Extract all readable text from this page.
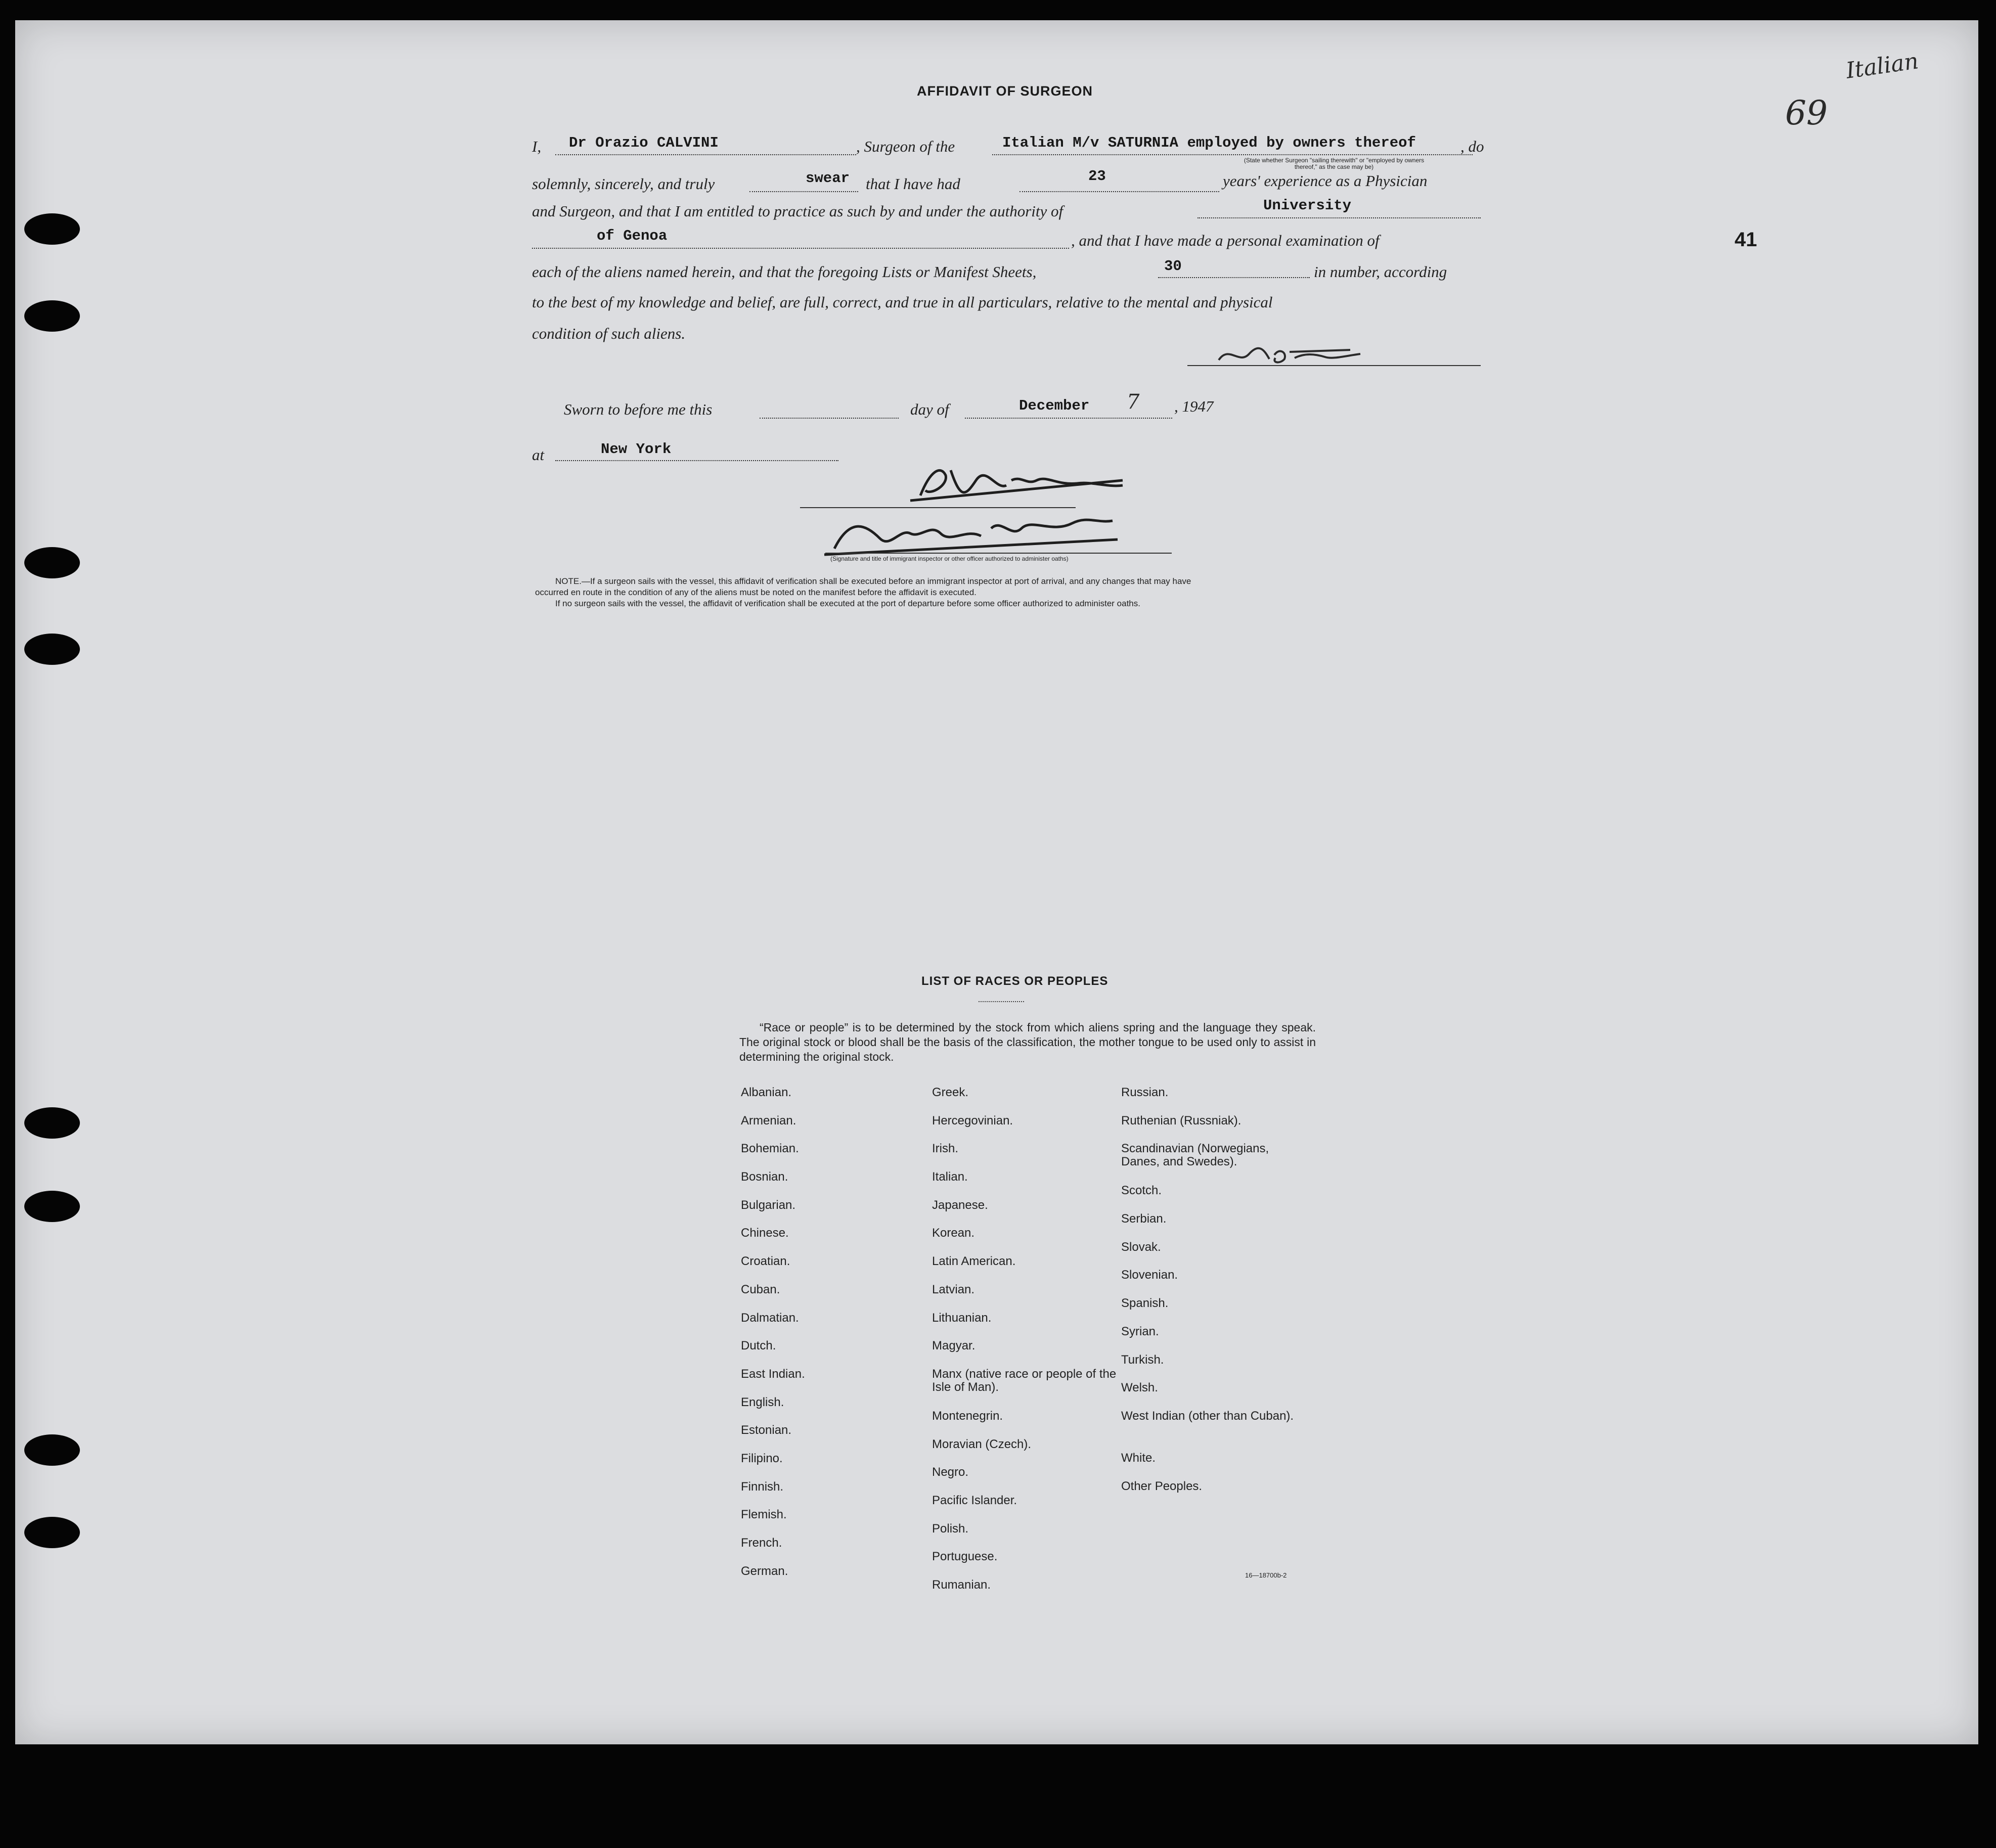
AFFIDAVIT OF SURGEON
41
69
Italian
I, Dr Orazio CALVINI	, Surgeon of the	Italian M/v SATURNIA employed by owners thereof	, do
(State whether Surgeon "sailing therewith" or "employed by owners thereof," as the case may be)
solemnly, sincerely, and truly	swear that I have had	23	years' experience as a Physician
and Surgeon, and that I am entitled to practice as such by and under the authority of	University
of Genoa	, and that I have made a personal examination of
each of the aliens named herein, and that the foregoing Lists or Manifest Sheets,	30	in number, according
to the best of my knowledge and belief, are full, correct, and true in all particulars, relative to the mental and physical
condition of such aliens.
Sworn to before me this	day of	December 7 , 1947
at	New York
(Signature and title of immigrant inspector or other officer authorized to administer oaths)
NOTE.—If a surgeon sails with the vessel, this affidavit of verification shall be executed before an immigrant inspector at port of arrival, and any changes that may have
occurred en route in the condition of any of the aliens must be noted on the manifest before the affidavit is executed.
If no surgeon sails with the vessel, the affidavit of verification shall be executed at the port of departure before some officer authorized to administer oaths.
LIST OF RACES OR PEOPLES
“Race or people” is to be determined by the stock from which aliens spring and the language they speak. The original stock or blood shall be the basis of the classification, the mother tongue to be used only to assist in determining the original stock.
Albanian.
Armenian.
Bohemian.
Bosnian.
Bulgarian.
Chinese.
Croatian.
Cuban.
Dalmatian.
Dutch.
East Indian.
English.
Estonian.
Filipino.
Finnish.
Flemish.
French.
German.
Greek.
Hercegovinian.
Irish.
Italian.
Japanese.
Korean.
Latin American.
Latvian.
Lithuanian.
Magyar.
Manx (native race or people of the Isle of Man).
Montenegrin.
Moravian (Czech).
Negro.
Pacific Islander.
Polish.
Portuguese.
Rumanian.
Russian.
Ruthenian (Russniak).
Scandinavian (Norwegians, Danes, and Swedes).
Scotch.
Serbian.
Slovak.
Slovenian.
Spanish.
Syrian.
Turkish.
Welsh.
West Indian (other than Cuban).
White.
Other Peoples.
16—18700b-2
